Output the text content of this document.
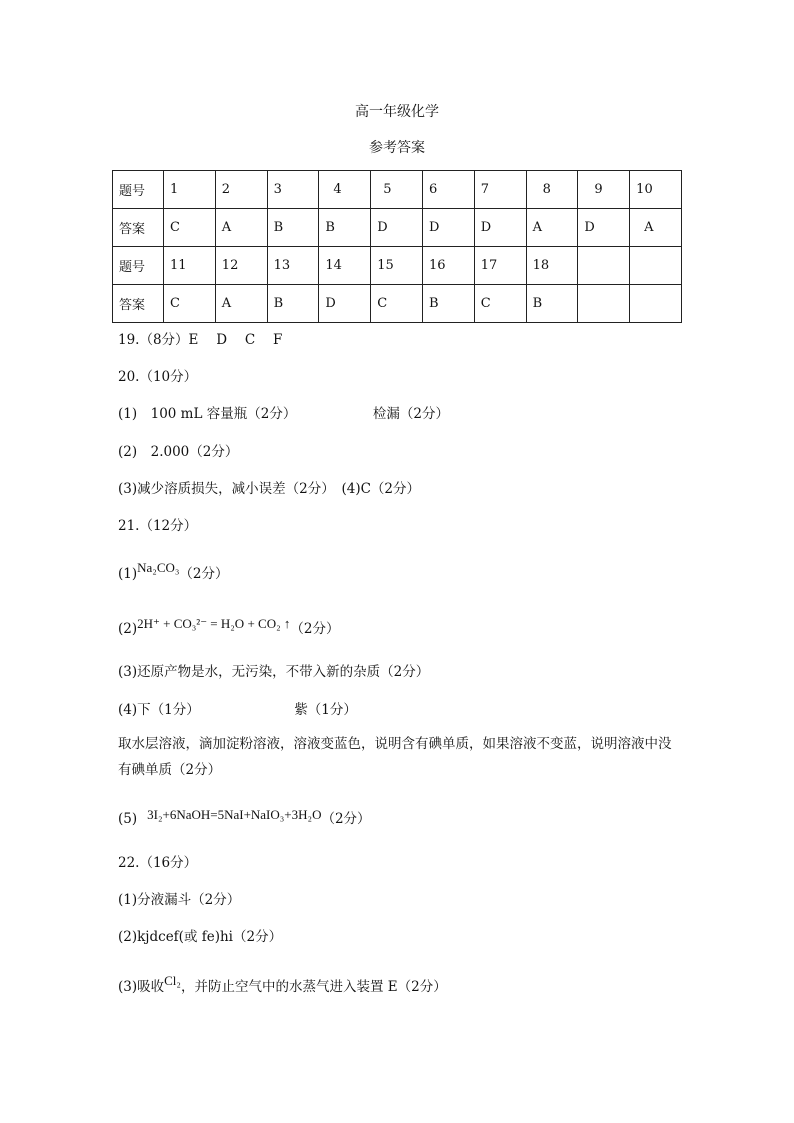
高一年级化学
参考答案
题号	1	2	3	4	5	6	7	8	9	10
答案	C	A	B	B	D	D	D	A	D	A
题号	11	12	13	14	15	16	17	18		
答案	C	A	B	D	C	B	C	B		
19.（8分）E　 D　 C　 F
20.（10分）
(1)　100 mL 容量瓶（2分）	检漏（2分）
(2)　2.000（2分）
(3)减少溶质损失，减小误差（2分）　(4)C（2分）
21.（12分）
(1)Na₂CO₃（2分）
(2)2H⁺ + CO₃²⁻ = H₂O + CO₂ ↑（2分）
(3)还原产物是水，无污染，不带入新的杂质（2分）
(4)下（1分）	紫（1分）
取水层溶液，滴加淀粉溶液，溶液变蓝色，说明含有碘单质，如果溶液不变蓝，说明溶液中没有碘单质（2分）
(5) 3I₂+6NaOH=5NaI+NaIO₃+3H₂O（2分）
22.（16分）
(1)分液漏斗（2分）
(2)kjdcef(或 fe)hi（2分）
(3)吸收Cl₂，并防止空气中的水蒸气进入装置 E（2分）
